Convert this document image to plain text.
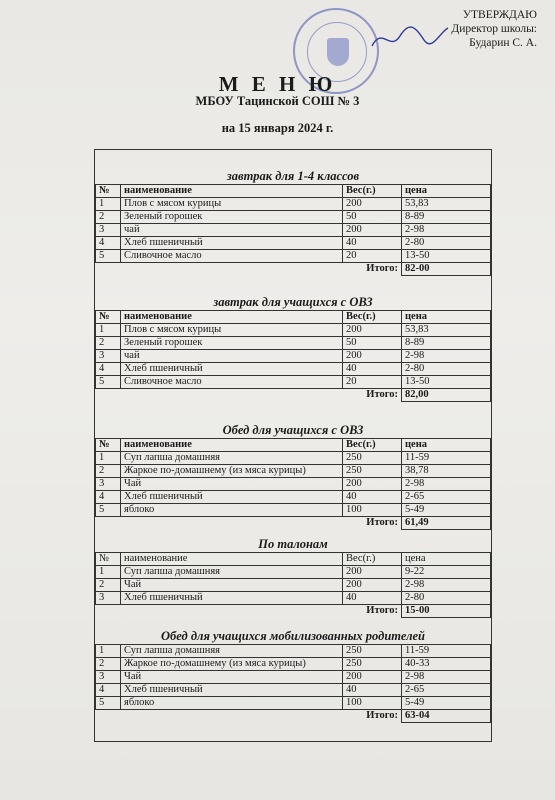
УТВЕРЖДАЮ
Директор школы:
Бударин С. А.
М Е Н Ю
МБОУ Тацинской СОШ № 3
на 15 января 2024 г.
завтрак для 1-4 классов
№	наименование	Вес(г.)	цена
1	Плов с мясом курицы	200	53,83
2	Зеленый горошек	50	8-89
3	чай	200	2-98
4	Хлеб пшеничный	40	2-80
5	Сливочное масло	20	13-50
		Итого:	82-00
завтрак для учащихся с ОВЗ
№	наименование	Вес(г.)	цена
1	Плов с мясом курицы	200	53,83
2	Зеленый горошек	50	8-89
3	чай	200	2-98
4	Хлеб пшеничный	40	2-80
5	Сливочное масло	20	13-50
		Итого:	82,00
Обед для учащихся с ОВЗ
№	наименование	Вес(г.)	цена
1	Суп лапша домашняя	250	11-59
2	Жаркое по-домашнему (из мяса курицы)	250	38,78
3	Чай	200	2-98
4	Хлеб пшеничный	40	2-65
5	яблоко	100	5-49
		Итого:	61,49
По талонам
№	наименование	Вес(г.)	цена
1	Суп лапша домашняя	200	9-22
2	Чай	200	2-98
3	Хлеб пшеничный	40	2-80
		Итого:	15-00
Обед для учащихся мобилизованных родителей
1	Суп лапша домашняя	250	11-59
2	Жаркое по-домашнему (из мяса курицы)	250	40-33
3	Чай	200	2-98
4	Хлеб пшеничный	40	2-65
5	яблоко	100	5-49
		Итого:	63-04
